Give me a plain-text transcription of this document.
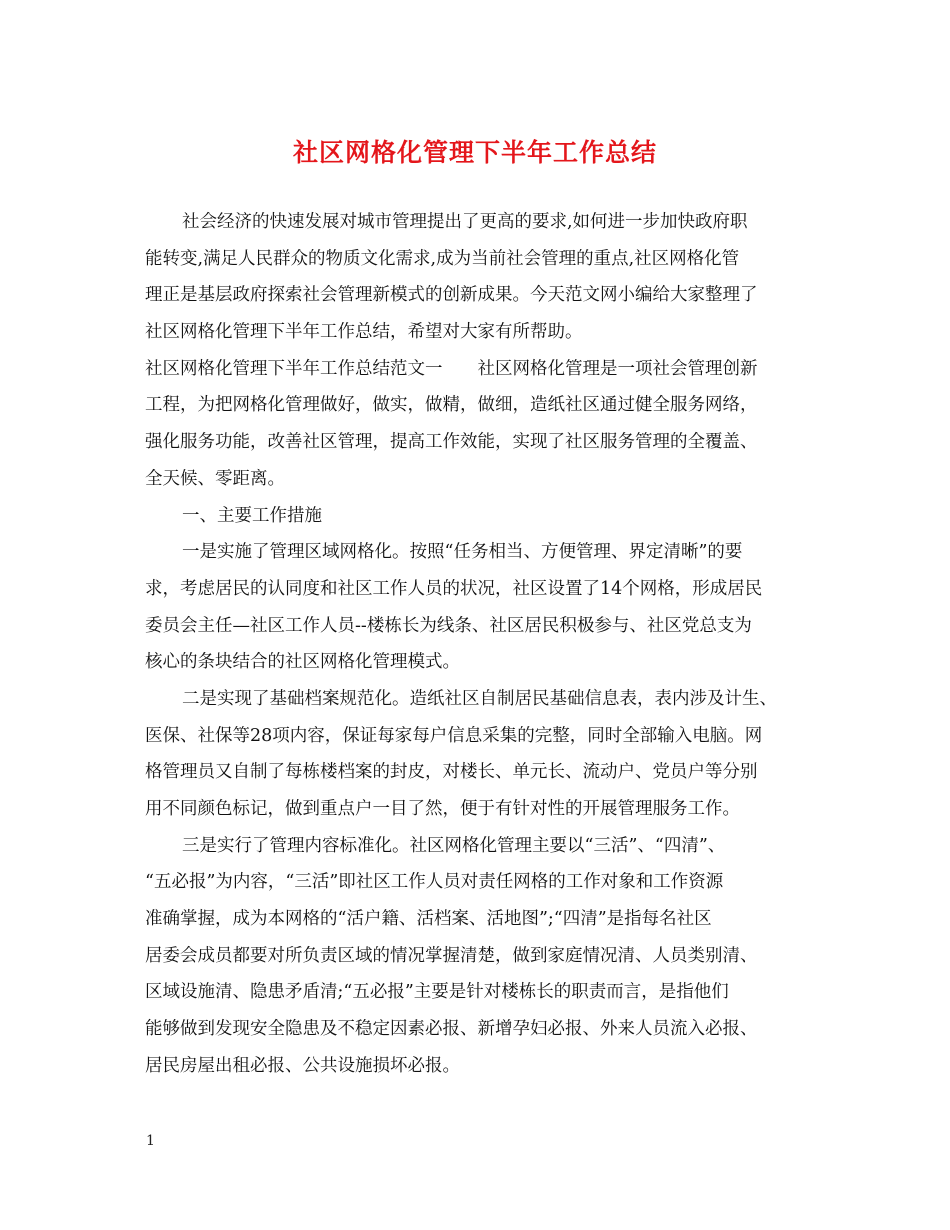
社区网格化管理下半年工作总结
社会经济的快速发展对城市管理提出了更高的要求,如何进一步加快政府职
能转变,满足人民群众的物质文化需求,成为当前社会管理的重点,社区网格化管
理正是基层政府探索社会管理新模式的创新成果。今天范文网小编给大家整理了
社区网格化管理下半年工作总结，希望对大家有所帮助。
社区网格化管理下半年工作总结范文一　　社区网格化管理是一项社会管理创新
工程，为把网格化管理做好，做实，做精，做细，造纸社区通过健全服务网络，
强化服务功能，改善社区管理，提高工作效能，实现了社区服务管理的全覆盖、
全天候、零距离。
一、主要工作措施
一是实施了管理区域网格化。按照“任务相当、方便管理、界定清晰”的要
求，考虑居民的认同度和社区工作人员的状况，社区设置了14个网格，形成居民
委员会主任—社区工作人员--楼栋长为线条、社区居民积极参与、社区党总支为
核心的条块结合的社区网格化管理模式。
二是实现了基础档案规范化。造纸社区自制居民基础信息表，表内涉及计生、
医保、社保等28项内容，保证每家每户信息采集的完整，同时全部输入电脑。网
格管理员又自制了每栋楼档案的封皮，对楼长、单元长、流动户、党员户等分别
用不同颜色标记，做到重点户一目了然，便于有针对性的开展管理服务工作。
三是实行了管理内容标准化。社区网格化管理主要以“三活”、“四清”、
“五必报”为内容，“三活”即社区工作人员对责任网格的工作对象和工作资源
准确掌握，成为本网格的“活户籍、活档案、活地图”;“四清”是指每名社区
居委会成员都要对所负责区域的情况掌握清楚，做到家庭情况清、人员类别清、
区域设施清、隐患矛盾清;“五必报”主要是针对楼栋长的职责而言，是指他们
能够做到发现安全隐患及不稳定因素必报、新增孕妇必报、外来人员流入必报、
居民房屋出租必报、公共设施损坏必报。
1
